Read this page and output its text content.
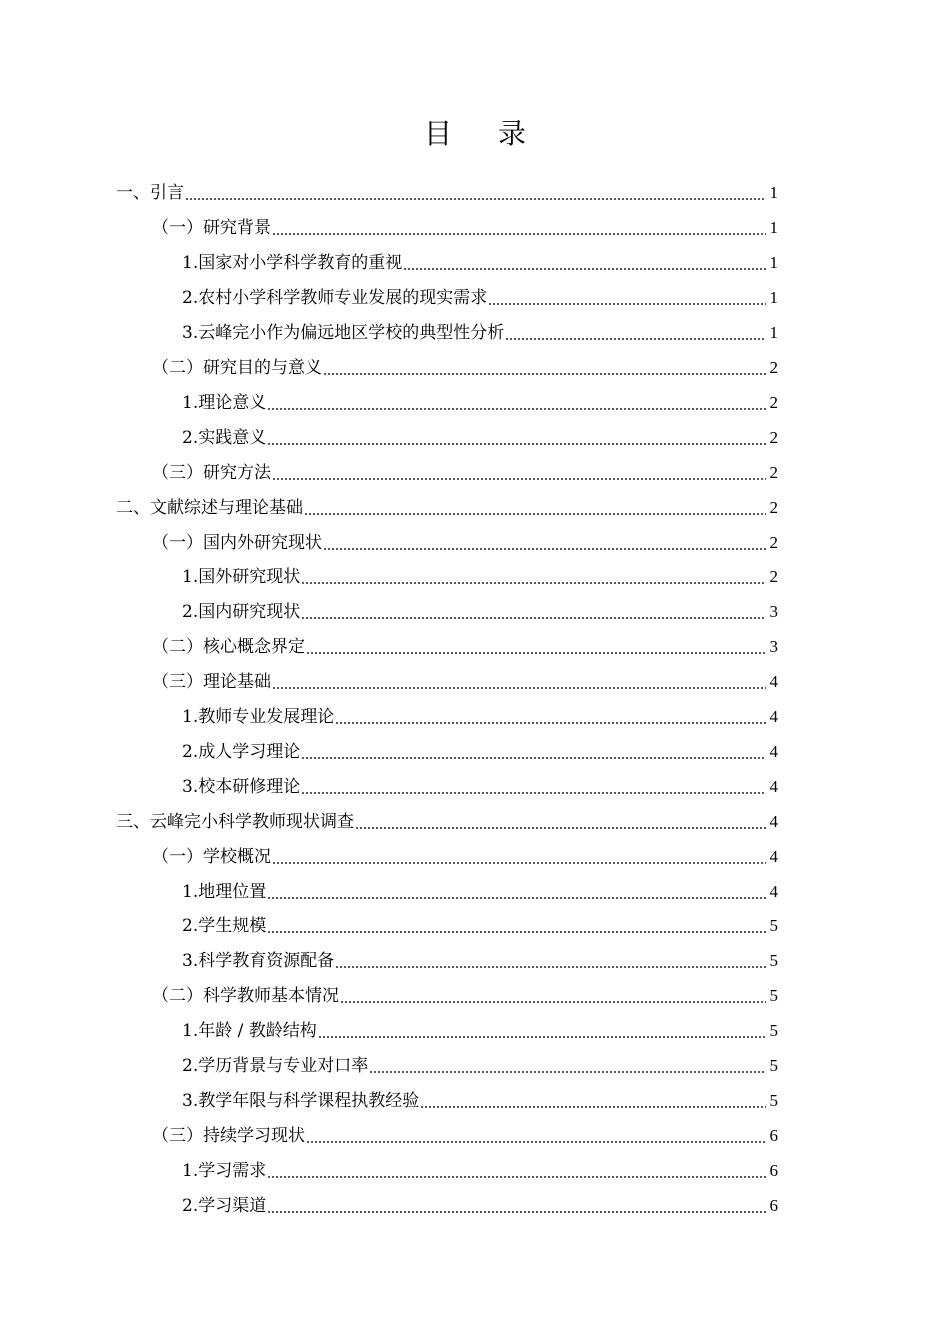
目录
一、引言	1
（一）研究背景	1
1.国家对小学科学教育的重视	1
2.农村小学科学教师专业发展的现实需求	1
3.云峰完小作为偏远地区学校的典型性分析	1
（二）研究目的与意义	2
1.理论意义	2
2.实践意义	2
（三）研究方法	2
二、文献综述与理论基础	2
（一）国内外研究现状	2
1.国外研究现状	2
2.国内研究现状	3
（二）核心概念界定	3
（三）理论基础	4
1.教师专业发展理论	4
2.成人学习理论	4
3.校本研修理论	4
三、云峰完小科学教师现状调查	4
（一）学校概况	4
1.地理位置	4
2.学生规模	5
3.科学教育资源配备	5
（二）科学教师基本情况	5
1.年龄 / 教龄结构	5
2.学历背景与专业对口率	5
3.教学年限与科学课程执教经验	5
（三）持续学习现状	6
1.学习需求	6
2.学习渠道	6
